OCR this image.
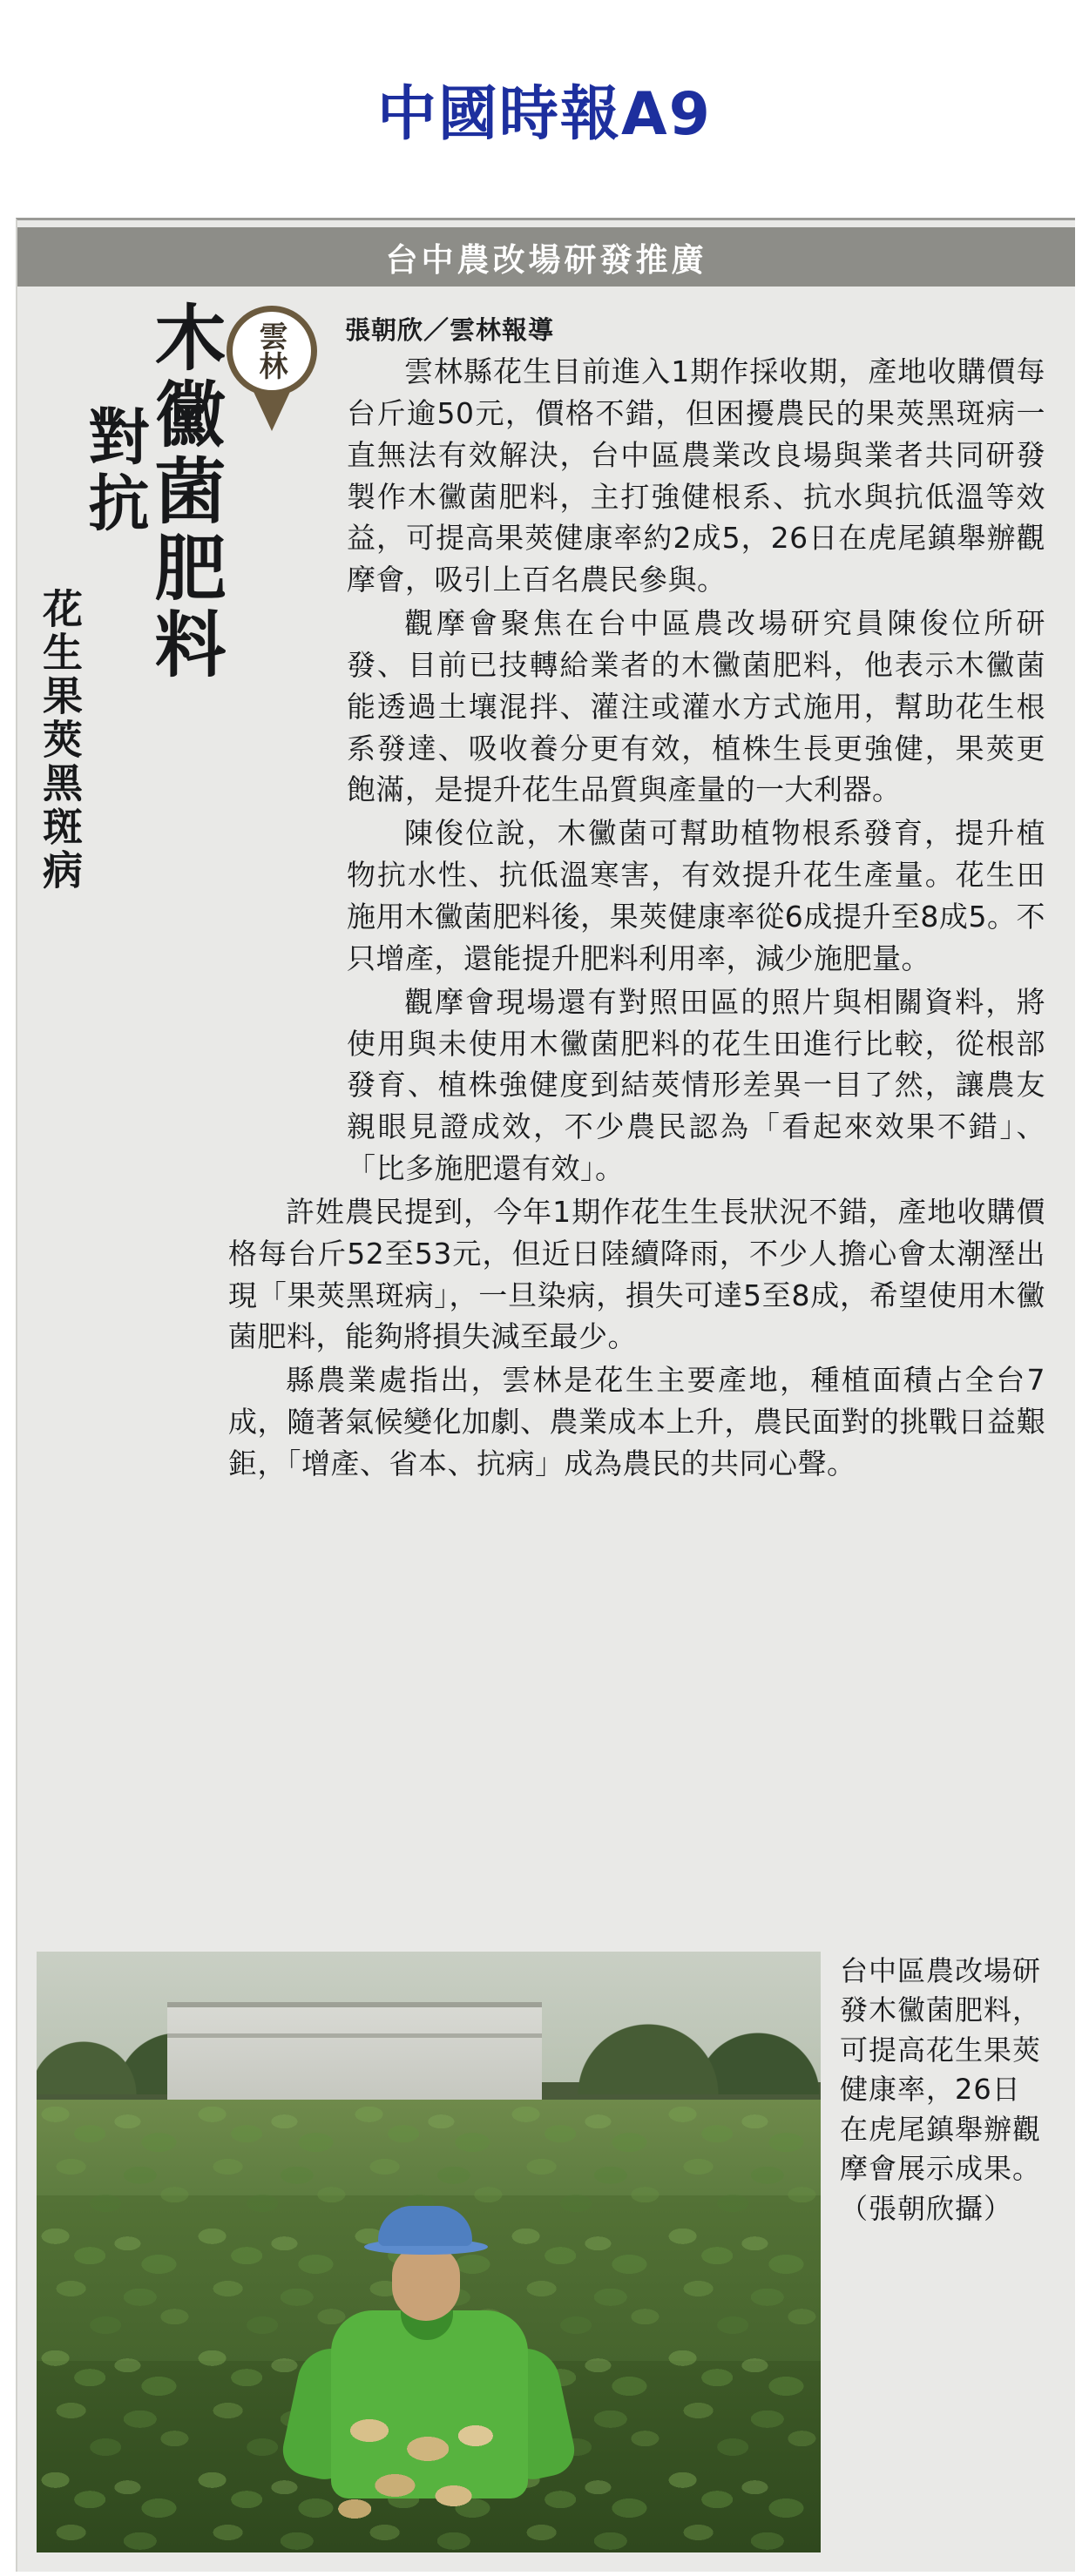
中國時報A9
台中農改場研發推廣
木黴菌肥料
對抗
花生果莢黑斑病
雲林 張朝欣／雲林報導

雲林縣花生目前進入1期作採收期，產地收購價每台斤逾50元，價格不錯，但困擾農民的果莢黑斑病一直無法有效解決，台中區農業改良場與業者共同研發製作木黴菌肥料，主打強健根系、抗水與抗低溫等效益，可提高果莢健康率約2成5，26日在虎尾鎮舉辦觀摩會，吸引上百名農民參與。

觀摩會聚焦在台中區農改場研究員陳俊位所研發、目前已技轉給業者的木黴菌肥料，他表示木黴菌能透過土壤混拌、灌注或灌水方式施用，幫助花生根系發達、吸收養分更有效，植株生長更強健，果莢更飽滿，是提升花生品質與產量的一大利器。

陳俊位說，木黴菌可幫助植物根系發育，提升植物抗水性、抗低溫寒害，有效提升花生產量。花生田施用木黴菌肥料後，果莢健康率從6成提升至8成5。不只增產，還能提升肥料利用率，減少施肥量。

觀摩會現場還有對照田區的照片與相關資料，將使用與未使用木黴菌肥料的花生田進行比較，從根部發育、植株強健度到結莢情形差異一目了然，讓農友親眼見證成效，不少農民認為「看起來效果不錯」、「比多施肥還有效」。

許姓農民提到，今年1期作花生生長狀況不錯，產地收購價格每台斤52至53元，但近日陸續降雨，不少人擔心會太潮溼出現「果莢黑斑病」，一旦染病，損失可達5至8成，希望使用木黴菌肥料，能夠將損失減至最少。

縣農業處指出，雲林是花生主要產地，種植面積占全台7成，隨著氣候變化加劇、農業成本上升，農民面對的挑戰日益艱鉅，「增產、省本、抗病」成為農民的共同心聲。

台中區農改場研發木黴菌肥料，可提高花生果莢健康率，26日在虎尾鎮舉辦觀摩會展示成果。（張朝欣攝）
